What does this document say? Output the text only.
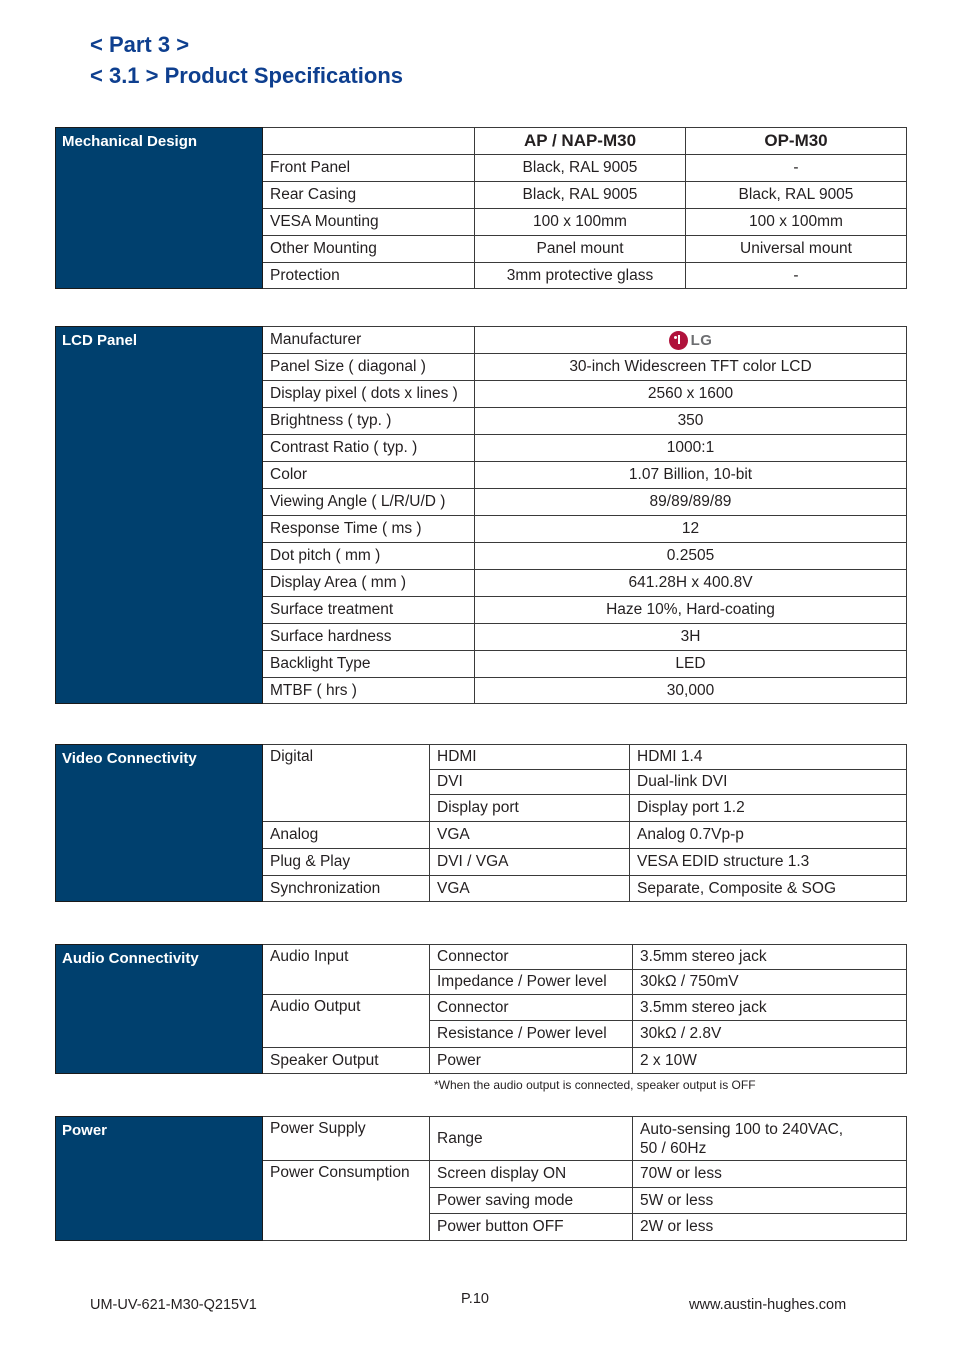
< Part 3 >
< 3.1 > Product Specifications
Mechanical Design		AP / NAP-M30	OP-M30
	Front Panel	Black, RAL 9005	-
	Rear Casing	Black, RAL 9005	Black, RAL 9005
	VESA Mounting	100 x 100mm	100 x 100mm
	Other Mounting	Panel mount	Universal mount
	Protection	3mm protective glass	-
LCD Panel	Manufacturer	LG

	Panel Size ( diagonal )	30-inch Widescreen TFT color LCD
	Display pixel ( dots x lines )	2560 x 1600
	Brightness ( typ. )	350
	Contrast Ratio ( typ. )	1000:1
	Color	1.07 Billion, 10-bit
	Viewing Angle ( L/R/U/D )	89/89/89/89
	Response Time ( ms )	12
	Dot pitch ( mm )	0.2505
	Display Area ( mm )	641.28H x 400.8V
	Surface treatment	Haze 10%, Hard-coating
	Surface hardness	3H
	Backlight Type	LED
	MTBF ( hrs )	30,000
Video Connectivity	Digital	HDMI	HDMI 1.4
		DVI	Dual-link DVI
		Display port	Display port 1.2
	Analog	VGA	Analog 0.7Vp-p
	Plug & Play	DVI / VGA	VESA EDID structure 1.3
	Synchronization	VGA	Separate, Composite & SOG
Audio Connectivity	Audio Input	Connector	3.5mm stereo jack
		Impedance / Power level	30kΩ / 750mV
	Audio Output	Connector	3.5mm stereo jack
		Resistance / Power level	30kΩ / 2.8V
	Speaker Output	Power	2 x 10W
*When the audio output is connected, speaker output is OFF
Power	Power Supply	Range	Auto-sensing 100 to 240VAC,
50 / 60Hz

	Power Consumption	Screen display ON	70W or less
		Power saving mode	5W or less
		Power button OFF	2W or less
UM-UV-621-M30-Q215V1	P.10	www.austin-hughes.com
